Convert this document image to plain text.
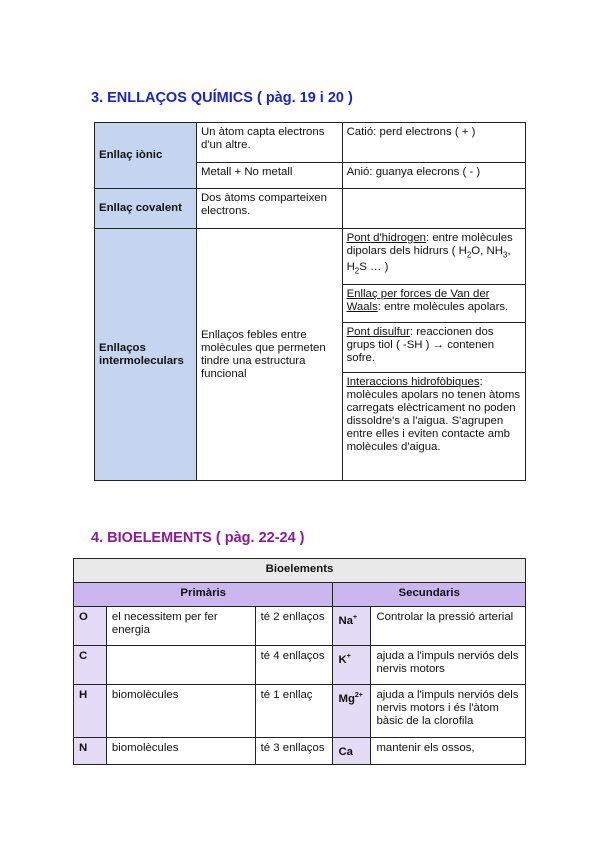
3. ENLLAÇOS QUÍMICS ( pàg. 19 i 20 )
Enllaç iònic	Un àtom capta electrons d'un altre.	Catió: perd electrons ( + )
	Metall + No metall	Anió: guanya elecrons ( - )
Enllaç covalent	Dos àtoms comparteixen electrons.	
Enllaços intermoleculars	Enllaços febles entre molècules que permeten tindre una estructura funcional	Pont d'hidrogen: entre molècules dipolars dels hidrurs ( $H_2O$, $NH_3$, $H_2S$ … )
		Enllaç per forces de Van der Waals: entre molècules apolars.
		Pont disulfur: reaccionen dos grups tiol ( -SH ) → contenen sofre.
		Interaccions hidrofòbiques: molècules apolars no tenen àtoms carregats elèctricament no poden dissoldre's a l'aigua. S'agrupen entre elles i eviten contacte amb molècules d'aigua.
4. BIOELEMENTS ( pàg. 22-24 )
Bioelements				
Primàris			Secundaris	
O	el necessitem per fer energia	té 2 enllaços	Na+	Controlar la pressió arterial
C		té 4 enllaços	K+	ajuda a l'impuls nerviós dels nervis motors
H	biomolècules	té 1 enllaç	$Mg^{2+}$	ajuda a l'impuls nerviós dels nervis motors i és l'àtom bàsic de la clorofila
N	biomolècules	té 3 enllaços	Ca	mantenir els ossos,
